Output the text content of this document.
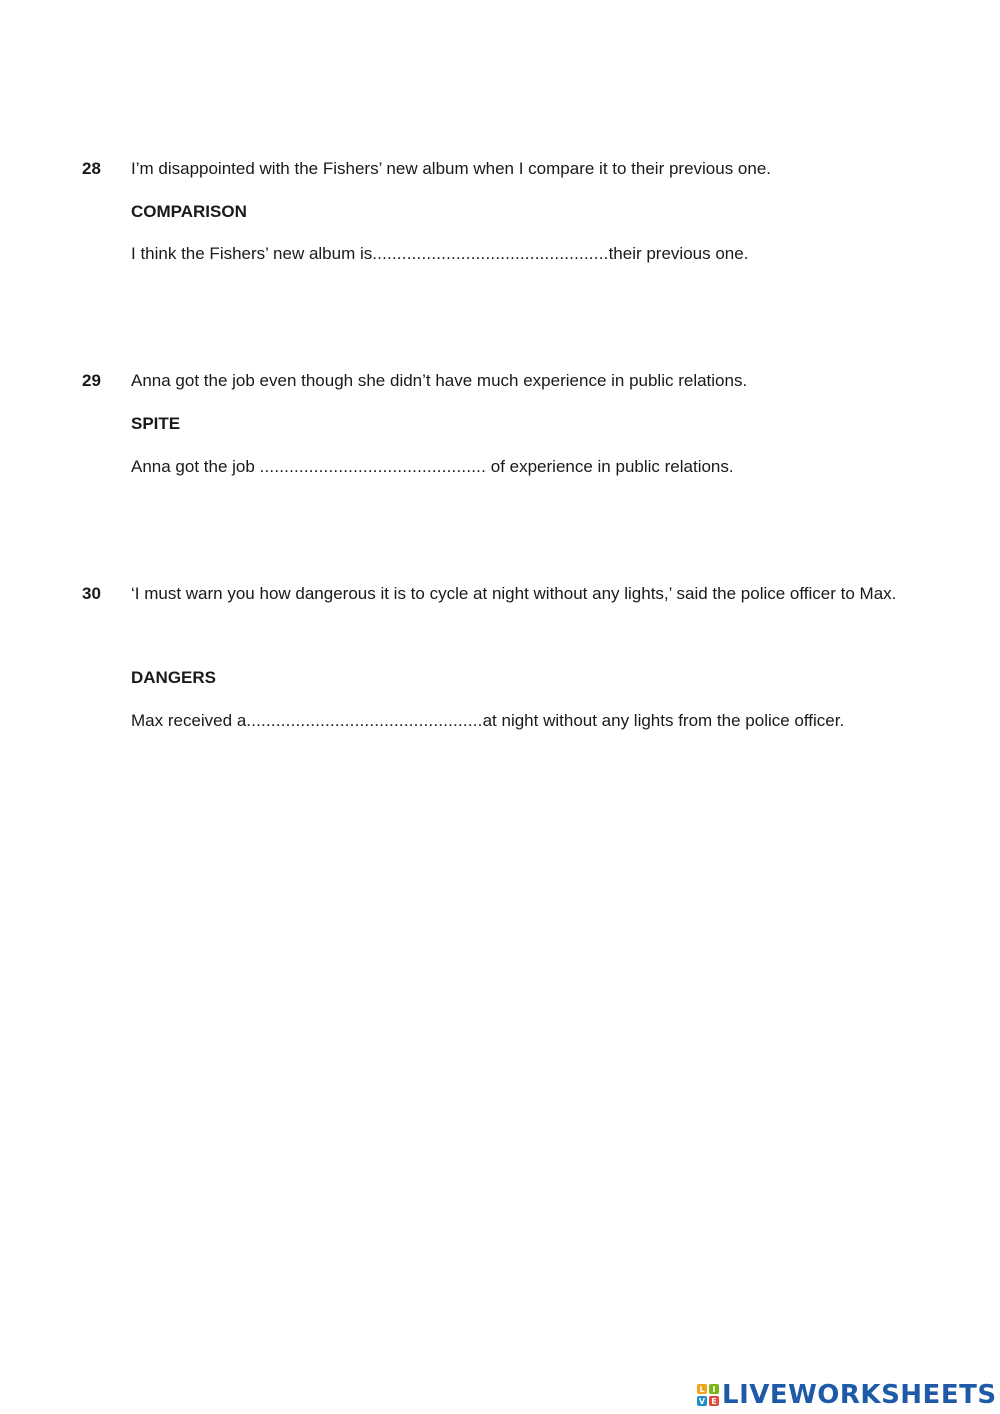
28 I’m disappointed with the Fishers’ new album when I compare it to their previous one.
COMPARISON
I think the Fishers’ new album is................................................their previous one.
29 Anna got the job even though she didn’t have much experience in public relations.
SPITE
Anna got the job .............................................. of experience in public relations.
30 ‘I must warn you how dangerous it is to cycle at night without any lights,’ said the police officer to Max.
DANGERS
Max received a................................................at night without any lights from the police officer.
L I
V E LIVEWORKSHEETS
